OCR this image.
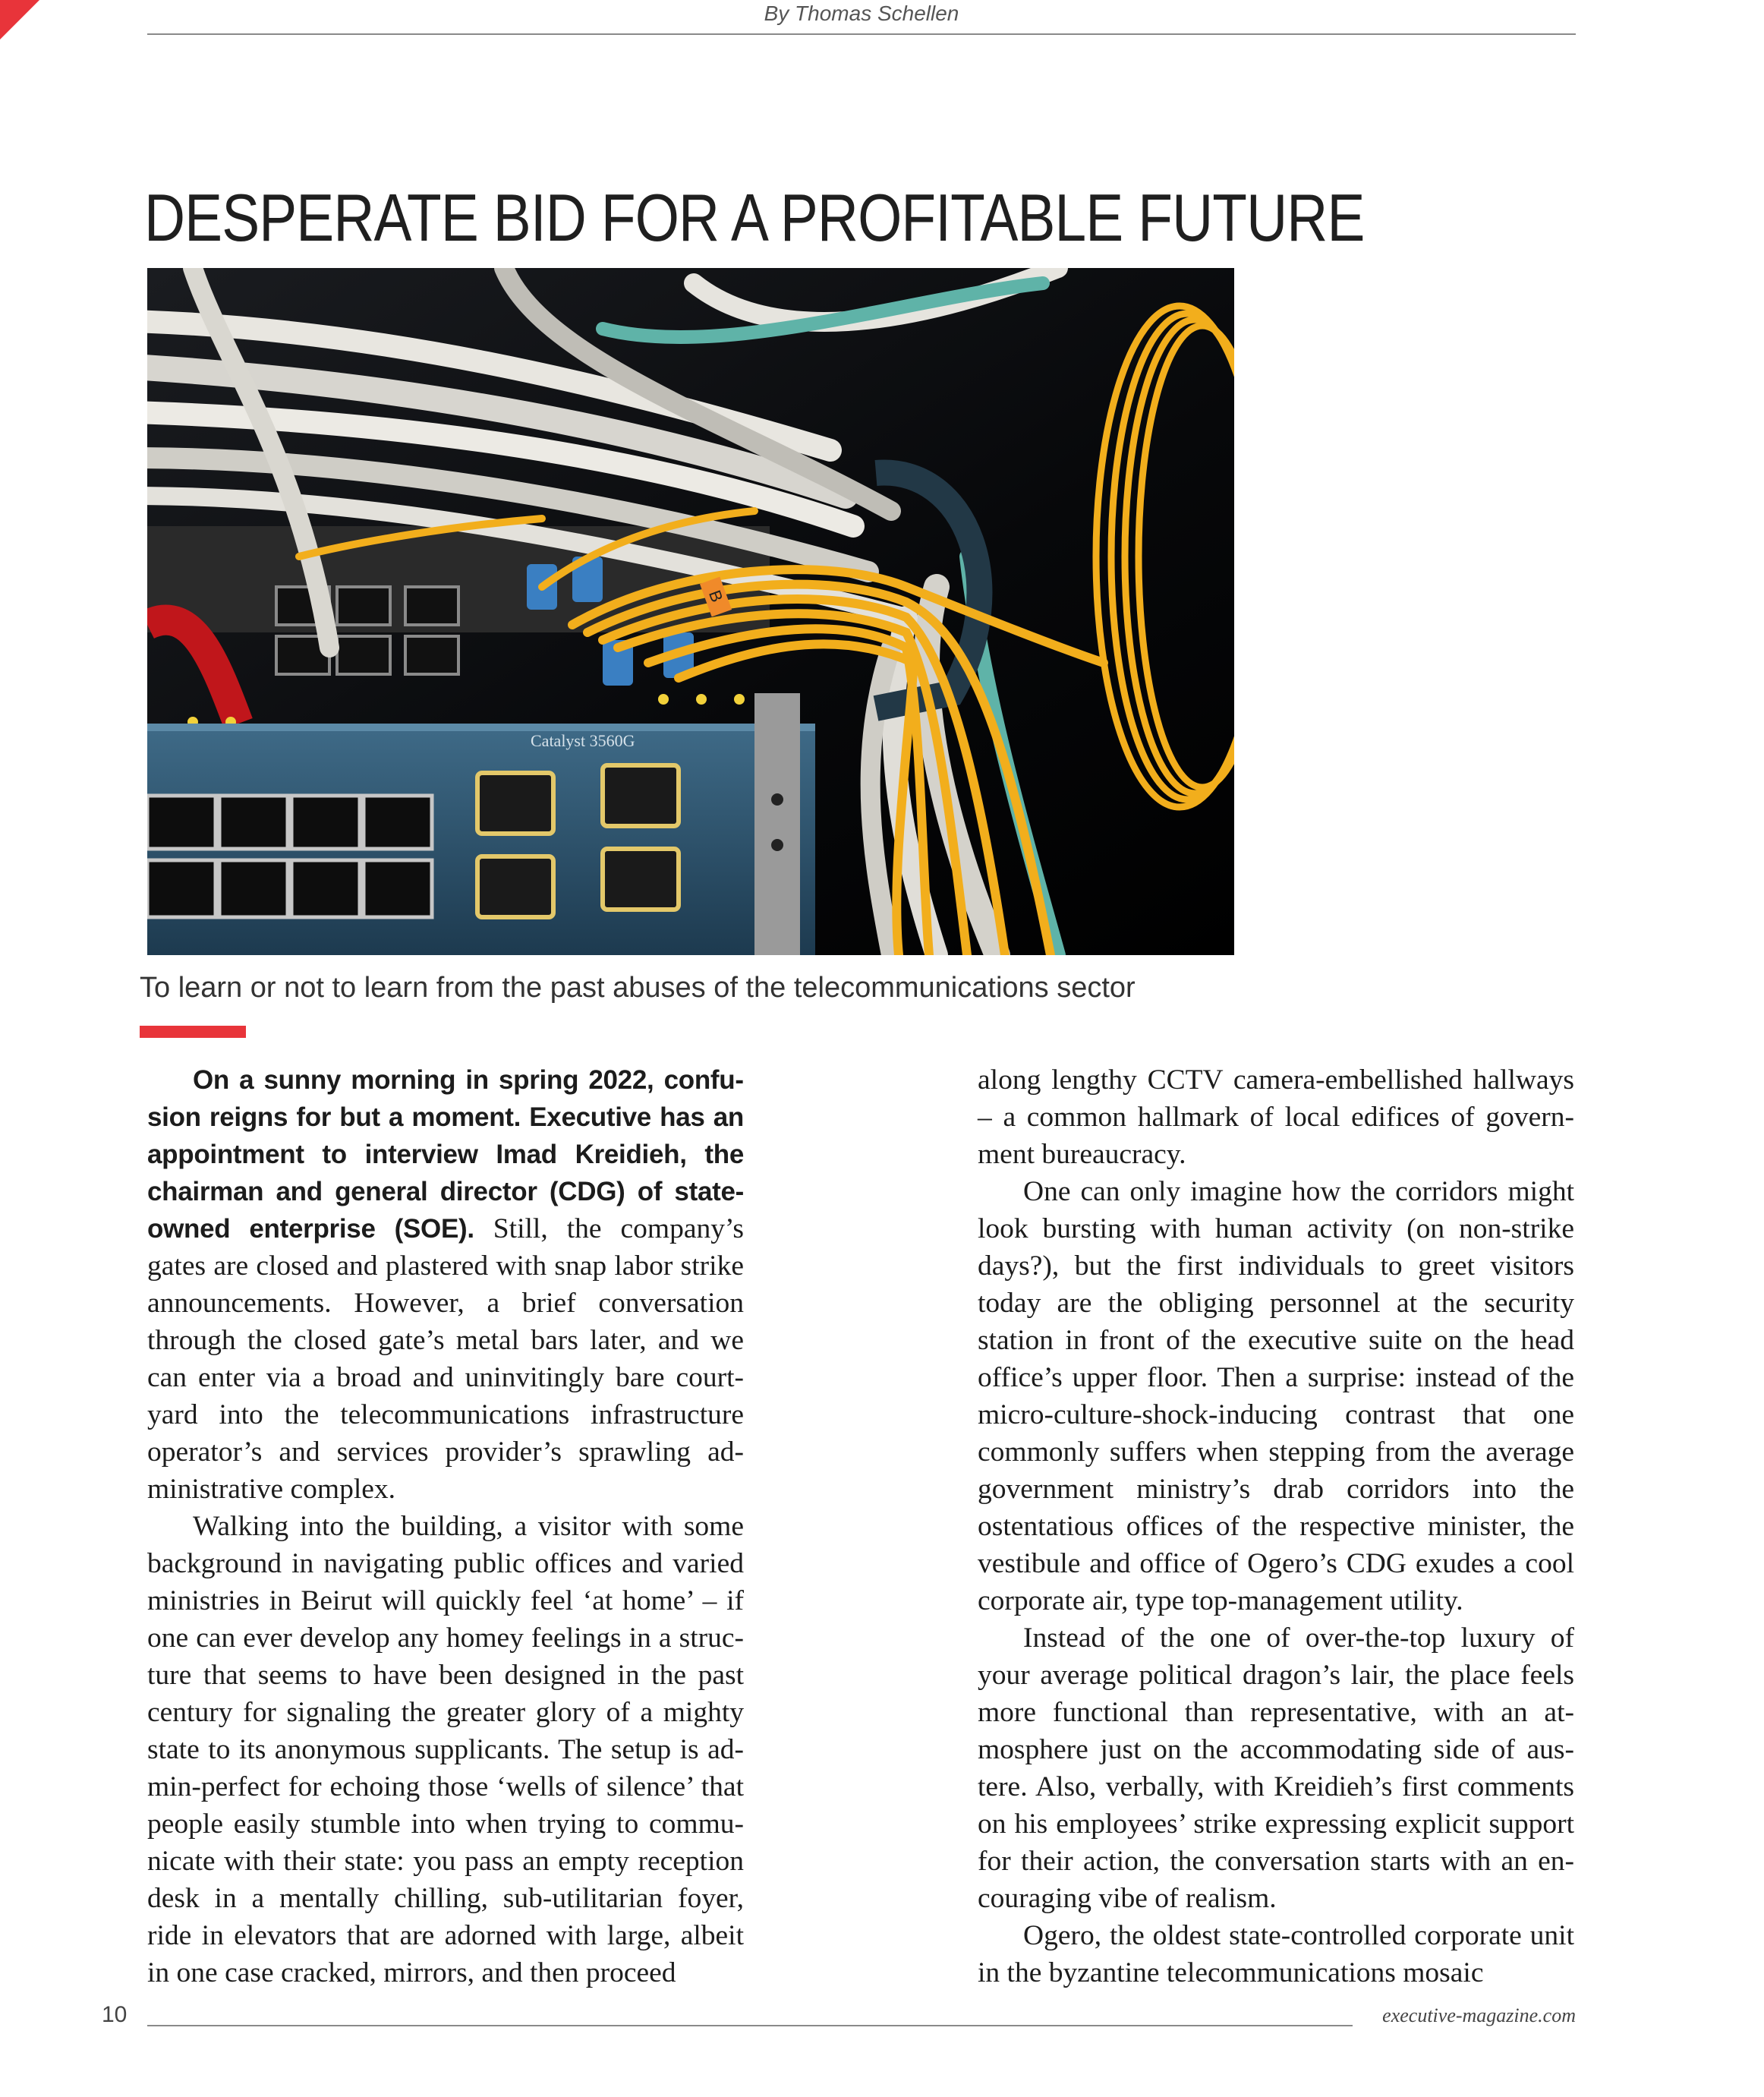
By Thomas Schellen
DESPERATE BID FOR A PROFITABLE FUTURE
Catalyst 3560G
B
To learn or not to learn from the past abuses of the telecommunications sector

On a sunny morning in spring 2022, confusion reigns for but a moment. Executive has an appointment to interview Imad Kreidieh, the chairman and general director (CDG) of state-owned enterprise (SOE). Still, the company’s gates are closed and plastered with snap labor strike announcements. However, a brief conversation through the closed gate’s metal bars later, and we can enter via a broad and uninvitingly bare courtyard into the telecommunications infrastructure operator’s and services provider’s sprawling administrative complex.

Walking into the building, a visitor with some background in navigating public offices and varied ministries in Beirut will quickly feel ‘at home’ – if one can ever develop any homey feelings in a structure that seems to have been designed in the past century for signaling the greater glory of a mighty state to its anonymous supplicants. The setup is admin-perfect for echoing those ‘wells of silence’ that people easily stumble into when trying to communicate with their state: you pass an empty reception desk in a mentally chilling, sub-utilitarian foyer, ride in elevators that are adorned with large, albeit in one case cracked, mirrors, and then proceed

along lengthy CCTV camera-embellished hallways – a common hallmark of local edifices of government bureaucracy.

One can only imagine how the corridors might look bursting with human activity (on non-strike days?), but the first individuals to greet visitors today are the obliging personnel at the security station in front of the executive suite on the head office’s upper floor. Then a surprise: instead of the micro-culture-shock-inducing contrast that one commonly suffers when stepping from the average government ministry’s drab corridors into the ostentatious offices of the respective minister, the vestibule and office of Ogero’s CDG exudes a cool corporate air, type top-management utility.

Instead of the one of over-the-top luxury of your average political dragon’s lair, the place feels more functional than representative, with an atmosphere just on the accommodating side of austere. Also, verbally, with Kreidieh’s first comments on his employees’ strike expressing explicit support for their action, the conversation starts with an encouraging vibe of realism.

Ogero, the oldest state-controlled corporate unit in the byzantine telecommunications mosaic

10	executive-magazine.com
